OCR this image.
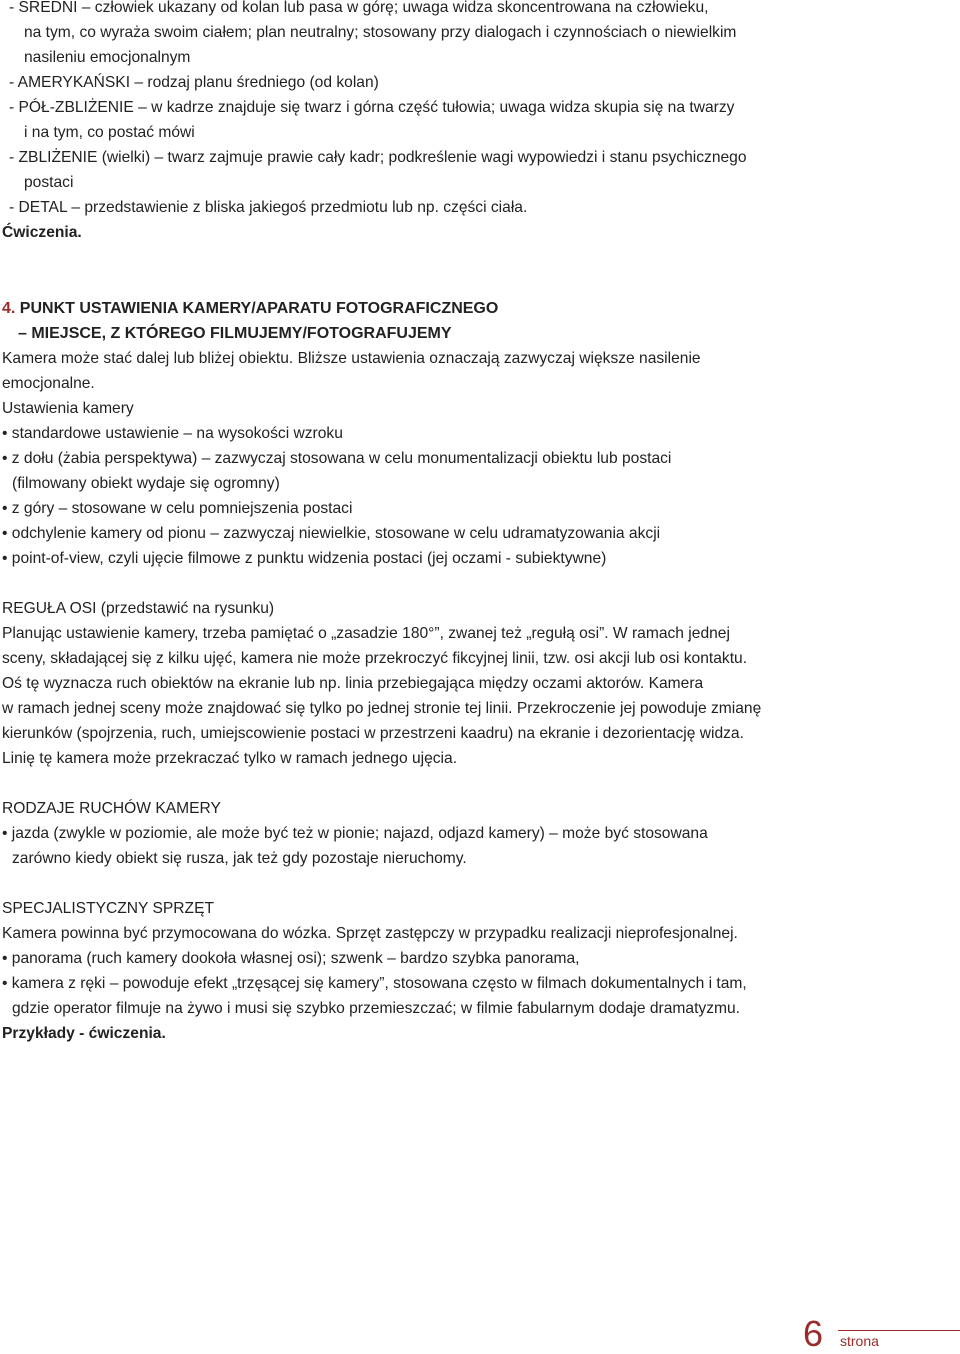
- ŚREDNI – człowiek ukazany od kolan lub pasa w górę; uwaga widza skoncentrowana na człowieku,
na tym, co wyraża swoim ciałem; plan neutralny; stosowany przy dialogach i czynnościach o niewielkim
nasileniu emocjonalnym
- AMERYKAŃSKI – rodzaj planu średniego (od kolan)
- PÓŁ-ZBLIŻENIE – w kadrze znajduje się twarz i górna część tułowia; uwaga widza skupia się na twarzy
i na tym, co postać mówi
- ZBLIŻENIE (wielki) – twarz zajmuje prawie cały kadr; podkreślenie wagi wypowiedzi i stanu psychicznego
postaci
- DETAL – przedstawienie z bliska jakiegoś przedmiotu lub np. części ciała.
Ćwiczenia.
4. PUNKT USTAWIENIA KAMERY/APARATU FOTOGRAFICZNEGO
– MIEJSCE, Z KTÓREGO FILMUJEMY/FOTOGRAFUJEMY
Kamera może stać dalej lub bliżej obiektu. Bliższe ustawienia oznaczają zazwyczaj większe nasilenie
emocjonalne.
Ustawienia kamery
• standardowe ustawienie – na wysokości wzroku
• z dołu (żabia perspektywa) – zazwyczaj stosowana w celu monumentalizacji obiektu lub postaci
(filmowany obiekt wydaje się ogromny)
• z góry – stosowane w celu pomniejszenia postaci
• odchylenie kamery od pionu – zazwyczaj niewielkie, stosowane w celu udramatyzowania akcji
• point-of-view, czyli ujęcie filmowe z punktu widzenia postaci (jej oczami - subiektywne)
REGUŁA OSI (przedstawić na rysunku)
Planując ustawienie kamery, trzeba pamiętać o „zasadzie 180°”, zwanej też „regułą osi”. W ramach jednej
sceny, składającej się z kilku ujęć, kamera nie może przekroczyć fikcyjnej linii, tzw. osi akcji lub osi kontaktu.
Oś tę wyznacza ruch obiektów na ekranie lub np. linia przebiegająca między oczami aktorów. Kamera
w ramach jednej sceny może znajdować się tylko po jednej stronie tej linii. Przekroczenie jej powoduje zmianę
kierunków (spojrzenia, ruch, umiejscowienie postaci w przestrzeni kaadru) na ekranie i dezorientację widza.
Linię tę kamera może przekraczać tylko w ramach jednego ujęcia.
RODZAJE RUCHÓW KAMERY
• jazda (zwykle w poziomie, ale może być też w pionie; najazd, odjazd kamery) – może być stosowana
zarówno kiedy obiekt się rusza, jak też gdy pozostaje nieruchomy.
SPECJALISTYCZNY SPRZĘT
Kamera powinna być przymocowana do wózka. Sprzęt zastępczy w przypadku realizacji nieprofesjonalnej.
• panorama (ruch kamery dookoła własnej osi); szwenk – bardzo szybka panorama,
• kamera z ręki – powoduje efekt „trzęsącej się kamery”, stosowana często w filmach dokumentalnych i tam,
gdzie operator filmuje na żywo i musi się szybko przemieszczać; w filmie fabularnym dodaje dramatyzmu.
Przykłady - ćwiczenia.
6 strona
